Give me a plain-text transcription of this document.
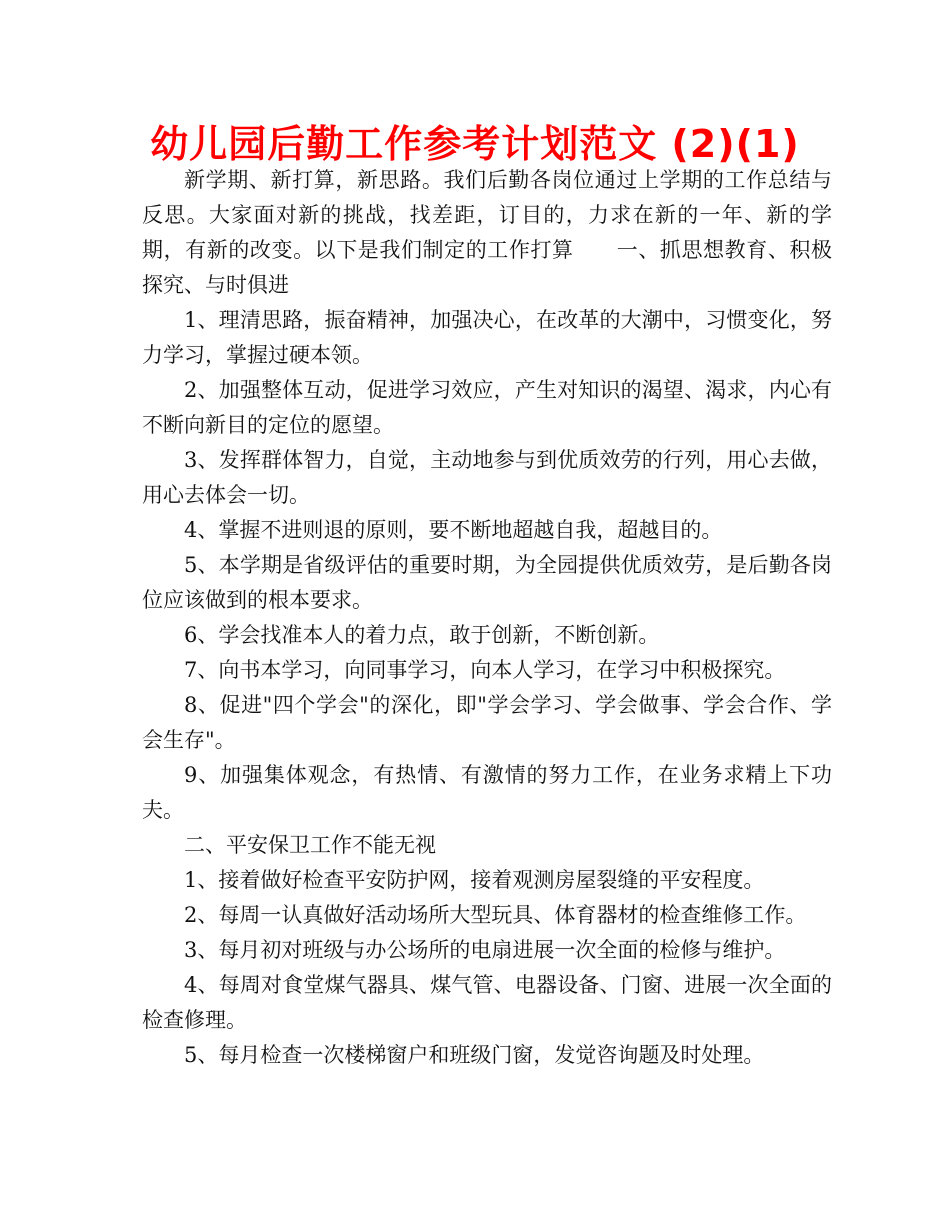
幼儿园后勤工作参考计划范文 (2)(1)

新学期、新打算，新思路。我们后勤各岗位通过上学期的工作总结与反思。大家面对新的挑战，找差距，订目的，力求在新的一年、新的学期，有新的改变。以下是我们制定的工作打算　　一、抓思想教育、积极探究、与时俱进

1、理清思路，振奋精神，加强决心，在改革的大潮中，习惯变化，努力学习，掌握过硬本领。

2、加强整体互动，促进学习效应，产生对知识的渴望、渴求，内心有不断向新目的定位的愿望。

3、发挥群体智力，自觉，主动地参与到优质效劳的行列，用心去做，用心去体会一切。

4、掌握不进则退的原则，要不断地超越自我，超越目的。

5、本学期是省级评估的重要时期，为全园提供优质效劳，是后勤各岗位应该做到的根本要求。

6、学会找准本人的着力点，敢于创新，不断创新。

7、向书本学习，向同事学习，向本人学习，在学习中积极探究。

8、促进"四个学会"的深化，即"学会学习、学会做事、学会合作、学会生存"。

9、加强集体观念，有热情、有激情的努力工作，在业务求精上下功夫。

二、平安保卫工作不能无视

1、接着做好检查平安防护网，接着观测房屋裂缝的平安程度。

2、每周一认真做好活动场所大型玩具、体育器材的检查维修工作。

3、每月初对班级与办公场所的电扇进展一次全面的检修与维护。

4、每周对食堂煤气器具、煤气管、电器设备、门窗、进展一次全面的检查修理。

5、每月检查一次楼梯窗户和班级门窗，发觉咨询题及时处理。
